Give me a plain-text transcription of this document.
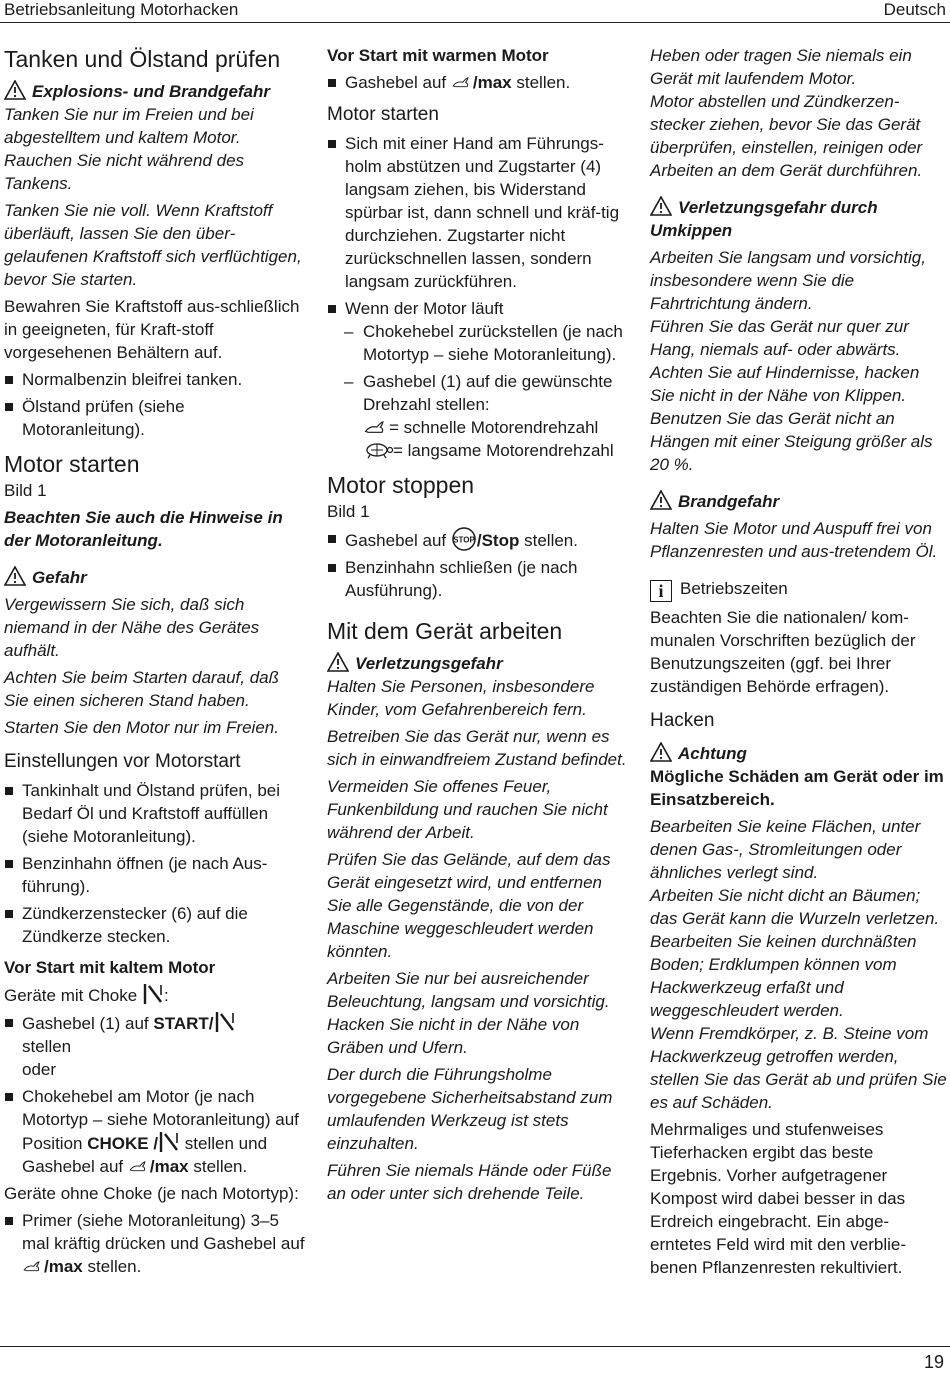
Betriebsanleitung Motorhacken	Deutsch
Tanken und Ölstand prüfen

Explosions- und Brandgefahr

Tanken Sie nur im Freien und bei abgestelltem und kaltem Motor. Rauchen Sie nicht während des Tankens.

Tanken Sie nie voll. Wenn Kraftstoff überläuft, lassen Sie den über-gelaufenen Kraftstoff sich verflüchtigen, bevor Sie starten.

Bewahren Sie Kraftstoff aus-schließlich in geeigneten, für Kraft-stoff vorgesehenen Behältern auf.

Normalbenzin bleifrei tanken.
Ölstand prüfen (siehe Motoranleitung).
Motor starten

Bild 1

Beachten Sie auch die Hinweise in der Motoranleitung.

Gefahr

Vergewissern Sie sich, daß sich niemand in der Nähe des Gerätes aufhält.

Achten Sie beim Starten darauf, daß Sie einen sicheren Stand haben.

Starten Sie den Motor nur im Freien.

Einstellungen vor Motorstart
Tankinhalt und Ölstand prüfen, bei Bedarf Öl und Kraftstoff auffüllen (siehe Motoranleitung).
Benzinhahn öffnen (je nach Aus-führung).
Zündkerzenstecker (6) auf die Zündkerze stecken.
Vor Start mit kaltem Motor

Geräte mit Choke :

Gashebel (1) auf START/
stellen
oder
Chokehebel am Motor (je nach Motortyp – siehe Motoranleitung) auf Position CHOKE / stellen und Gashebel auf /max stellen.

Geräte ohne Choke (je nach Motortyp):

Primer (siehe Motoranleitung) 3–5 mal kräftig drücken und Gashebel auf /max stellen.
Vor Start mit warmen Motor
Gashebel auf /max stellen.
Motor starten
Sich mit einer Hand am Führungs-holm abstützen und Zugstarter (4) langsam ziehen, bis Widerstand spürbar ist, dann schnell und kräf-tig durchziehen. Zugstarter nicht zurückschnellen lassen, sondern langsam zurückführen.
Wenn der Motor läuft
– Chokehebel zurückstellen (je nach Motortyp – siehe Motoranleitung).
– Gashebel (1) auf die gewünschte Drehzahl stellen:
= schnelle Motorendrehzahl
= langsame Motorendrehzahl
Motor stoppen

Bild 1

Gashebel auf STOP /Stop stellen.
Benzinhahn schließen (je nach Ausführung).
Mit dem Gerät arbeiten

Verletzungsgefahr

Halten Sie Personen, insbesondere Kinder, vom Gefahrenbereich fern.

Betreiben Sie das Gerät nur, wenn es sich in einwandfreiem Zustand befindet.

Vermeiden Sie offenes Feuer, Funkenbildung und rauchen Sie nicht während der Arbeit.

Prüfen Sie das Gelände, auf dem das Gerät eingesetzt wird, und entfernen Sie alle Gegenstände, die von der Maschine weggeschleudert werden könnten.

Arbeiten Sie nur bei ausreichender Beleuchtung, langsam und vorsichtig. Hacken Sie nicht in der Nähe von Gräben und Ufern.

Der durch die Führungsholme vorgegebene Sicherheitsabstand zum umlaufenden Werkzeug ist stets einzuhalten.

Führen Sie niemals Hände oder Füße an oder unter sich drehende Teile.

Heben oder tragen Sie niemals ein Gerät mit laufendem Motor.

Motor abstellen und Zündkerzen-stecker ziehen, bevor Sie das Gerät überprüfen, einstellen, reinigen oder Arbeiten an dem Gerät durchführen.

Verletzungsgefahr durch Umkippen

Arbeiten Sie langsam und vorsichtig, insbesondere wenn Sie die Fahrtrichtung ändern.

Führen Sie das Gerät nur quer zur Hang, niemals auf- oder abwärts.

Achten Sie auf Hindernisse, hacken Sie nicht in der Nähe von Klippen.

Benutzen Sie das Gerät nicht an Hängen mit einer Steigung größer als 20 %.

Brandgefahr

Halten Sie Motor und Auspuff frei von Pflanzenresten und aus-tretendem Öl.

i Betriebszeiten

Beachten Sie die nationalen/ kom-munalen Vorschriften bezüglich der Benutzungszeiten (ggf. bei Ihrer zuständigen Behörde erfragen).

Hacken

Achtung

Mögliche Schäden am Gerät oder im Einsatzbereich.

Bearbeiten Sie keine Flächen, unter denen Gas-, Stromleitungen oder ähnliches verlegt sind.

Arbeiten Sie nicht dicht an Bäumen; das Gerät kann die Wurzeln verletzen.

Bearbeiten Sie keinen durchnäßten Boden; Erdklumpen können vom Hackwerkzeug erfaßt und weggeschleudert werden.

Wenn Fremdkörper, z. B. Steine vom Hackwerkzeug getroffen werden, stellen Sie das Gerät ab und prüfen Sie es auf Schäden.

Mehrmaliges und stufenweises Tieferhacken ergibt das beste Ergebnis. Vorher aufgetragener Kompost wird dabei besser in das Erdreich eingebracht. Ein abge-erntetes Feld wird mit den verblie-benen Pflanzenresten rekultiviert.

19
